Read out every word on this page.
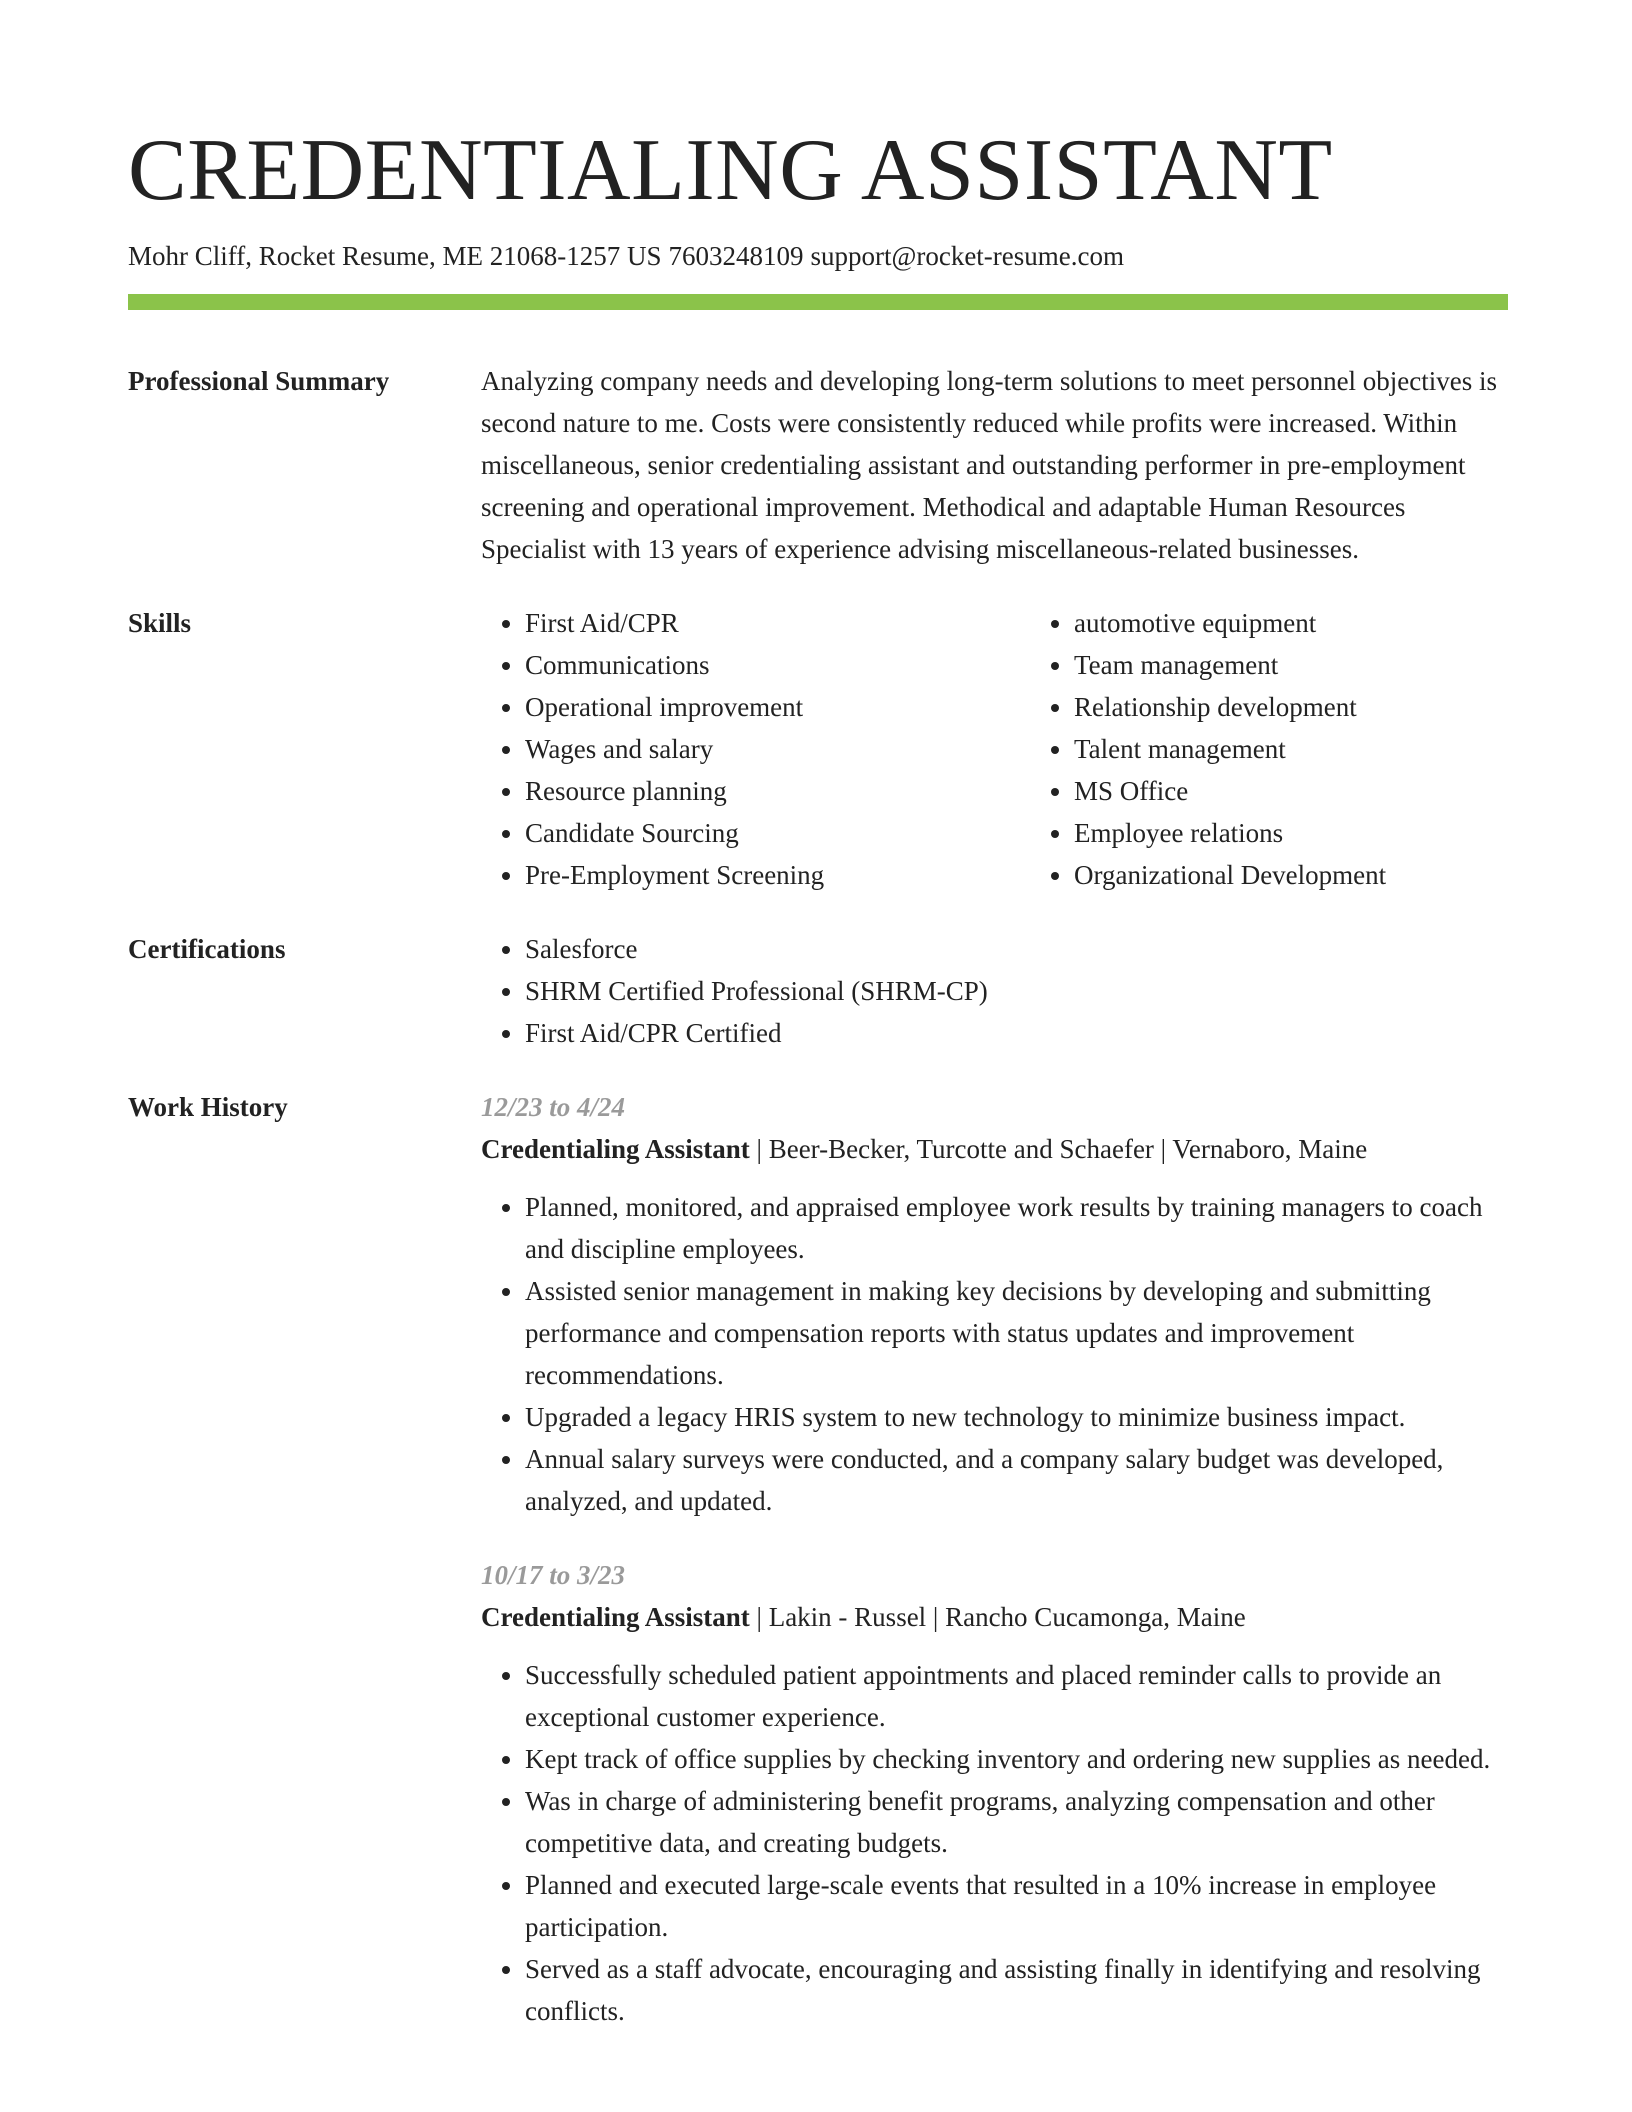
CREDENTIALING ASSISTANT
Mohr Cliff, Rocket Resume, ME 21068-1257 US 7603248109 support@rocket-resume.com
Professional Summary	Analyzing company needs and developing long-term solutions to meet personnel objectives is second nature to me. Costs were consistently reduced while profits were increased. Within miscellaneous, senior credentialing assistant and outstanding performer in pre-employment screening and operational improvement. Methodical and adaptable Human Resources Specialist with 13 years of experience advising miscellaneous-related businesses.

Skills	• First Aid/CPR
• Communications
• Operational improvement
• Wages and salary
• Resource planning
• Candidate Sourcing
• Pre-Employment Screening
• automotive equipment
• Team management
• Relationship development
• Talent management
• MS Office
• Employee relations
• Organizational Development
Certifications	• Salesforce
• SHRM Certified Professional (SHRM-CP)
• First Aid/CPR Certified
Work History	12/23 to 4/24

Credentialing Assistant | Beer-Becker, Turcotte and Schaefer | Vernaboro, Maine

• Planned, monitored, and appraised employee work results by training managers to coach and discipline employees.
• Assisted senior management in making key decisions by developing and submitting performance and compensation reports with status updates and improvement recommendations.
• Upgraded a legacy HRIS system to new technology to minimize business impact.
• Annual salary surveys were conducted, and a company salary budget was developed, analyzed, and updated.

10/17 to 3/23

Credentialing Assistant | Lakin - Russel | Rancho Cucamonga, Maine

• Successfully scheduled patient appointments and placed reminder calls to provide an exceptional customer experience.
• Kept track of office supplies by checking inventory and ordering new supplies as needed.
• Was in charge of administering benefit programs, analyzing compensation and other competitive data, and creating budgets.
• Planned and executed large-scale events that resulted in a 10% increase in employee participation.
• Served as a staff advocate, encouraging and assisting finally in identifying and resolving conflicts.
